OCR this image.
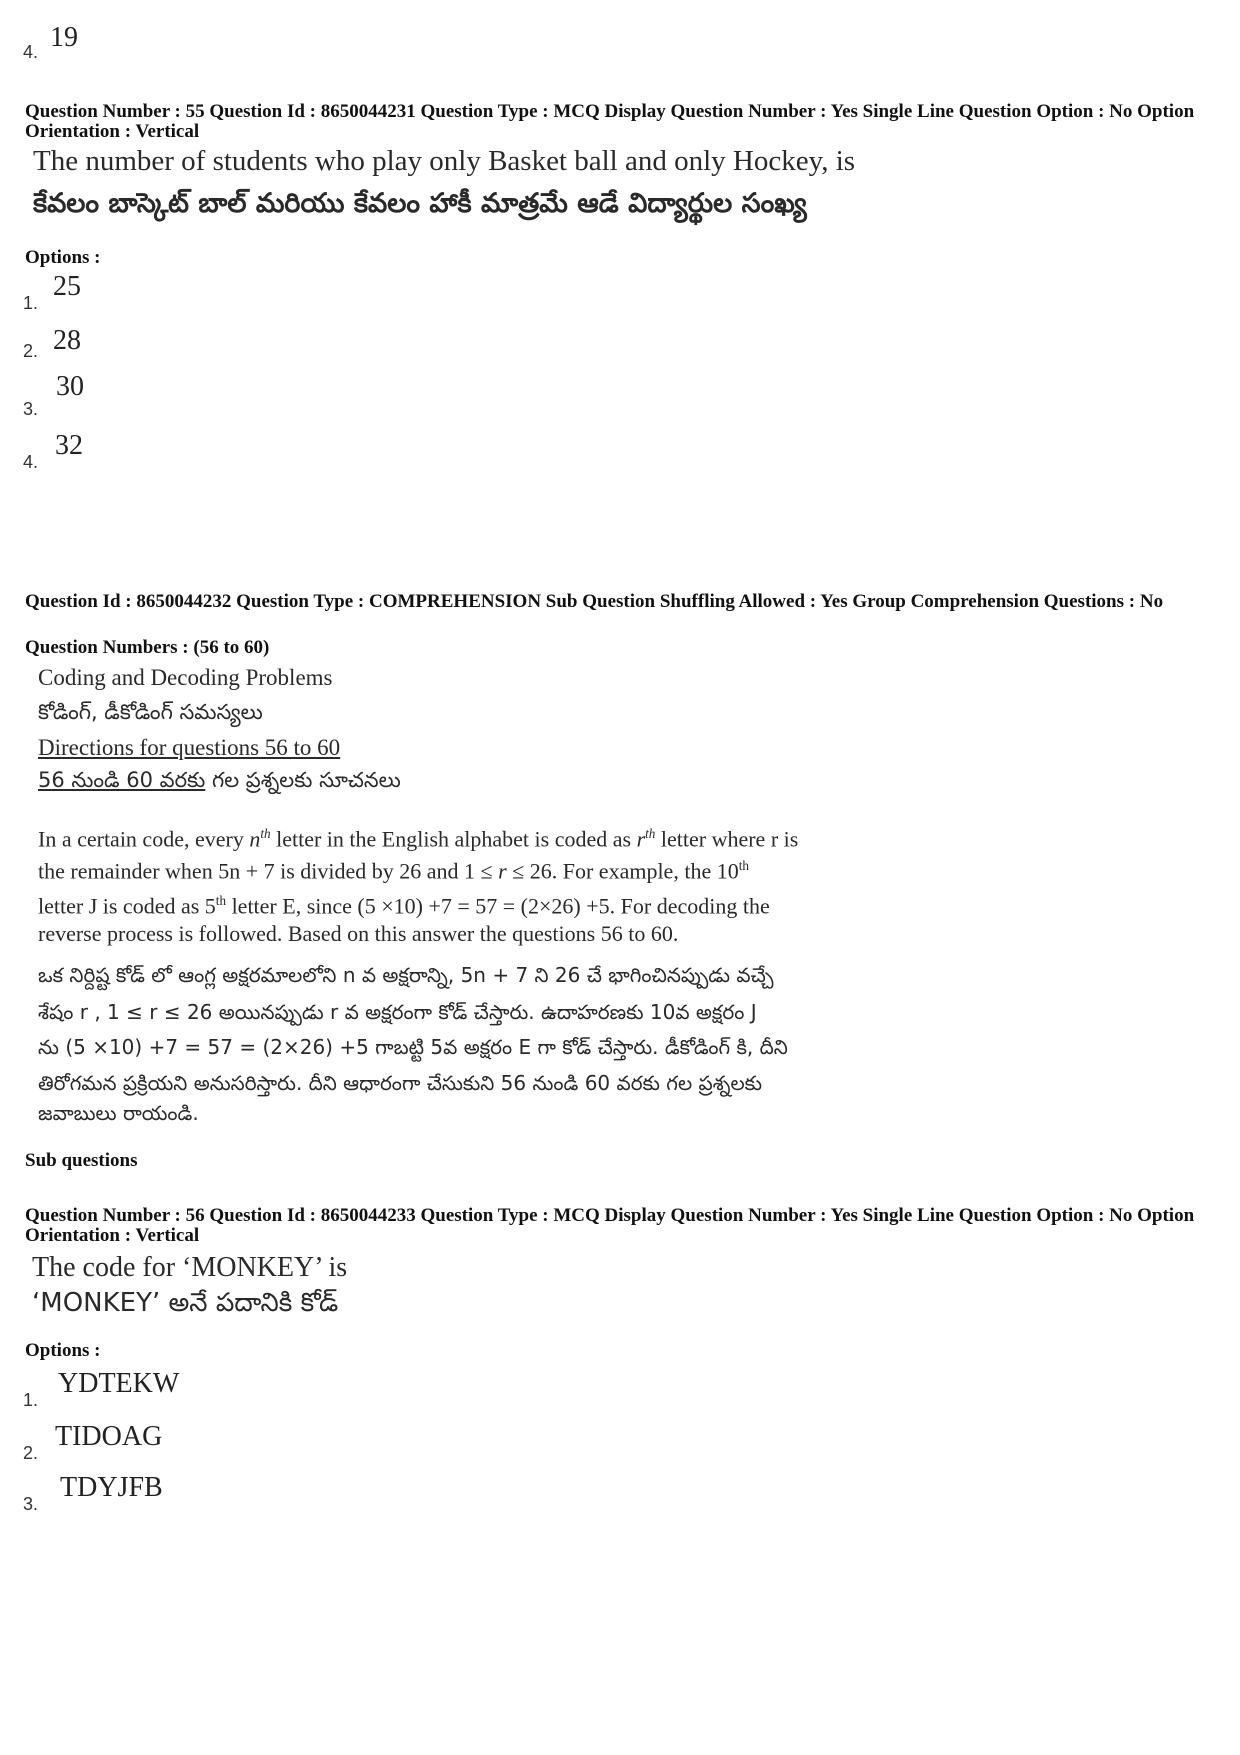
4. 19
Question Number : 55 Question Id : 8650044231 Question Type : MCQ Display Question Number : Yes Single Line Question Option : No Option Orientation : Vertical
The number of students who play only Basket ball and only Hockey, is
కేవలం బాస్కెట్ బాల్ మరియు కేవలం హాకీ మాత్రమే ఆడే విద్యార్థుల సంఖ్య
Options :
1.
25
2. 28
3.
30
4.
32
Question Id : 8650044232 Question Type : COMPREHENSION Sub Question Shuffling Allowed : Yes Group Comprehension Questions : No
Question Numbers : (56 to 60)
Coding and Decoding Problems
కోడింగ్, డీకోడింగ్ సమస్యలు
Directions for questions 56 to 60
56 నుండి 60 వరకు గల ప్రశ్నలకు సూచనలు
In a certain code, every $n^{th}$ letter in the English alphabet is coded as $r^{th}$ letter where r is
the remainder when 5n + 7 is divided by 26 and 1 ≤ r ≤ 26. For example, the 10th
letter J is coded as 5th letter E, since (5 ×10) +7 = 57 = (2×26) +5. For decoding the
reverse process is followed. Based on this answer the questions 56 to 60.
ఒక నిర్దిష్ట కోడ్ లో ఆంగ్ల అక్షరమాలలోని n వ అక్షరాన్ని, 5n + 7 ని 26 చే భాగించినప్పుడు వచ్చే
శేషం r , 1 ≤ r ≤ 26 అయినప్పుడు r వ అక్షరంగా కోడ్ చేస్తారు. ఉదాహరణకు 10వ అక్షరం J
ను (5 ×10) +7 = 57 = (2×26) +5 గాబట్టి 5వ అక్షరం E గా కోడ్ చేస్తారు. డీకోడింగ్ కి, దీని
తిరోగమన ప్రక్రియని అనుసరిస్తారు. దీని ఆధారంగా చేసుకుని 56 నుండి 60 వరకు గల ప్రశ్నలకు
జవాబులు రాయండి.
Sub questions
Question Number : 56 Question Id : 8650044233 Question Type : MCQ Display Question Number : Yes Single Line Question Option : No Option Orientation : Vertical
The code for ‘MONKEY’ is
‘MONKEY’ అనే పదానికి కోడ్
Options :
1.
YDTEKW
2.
TIDOAG
3.
TDYJFB
